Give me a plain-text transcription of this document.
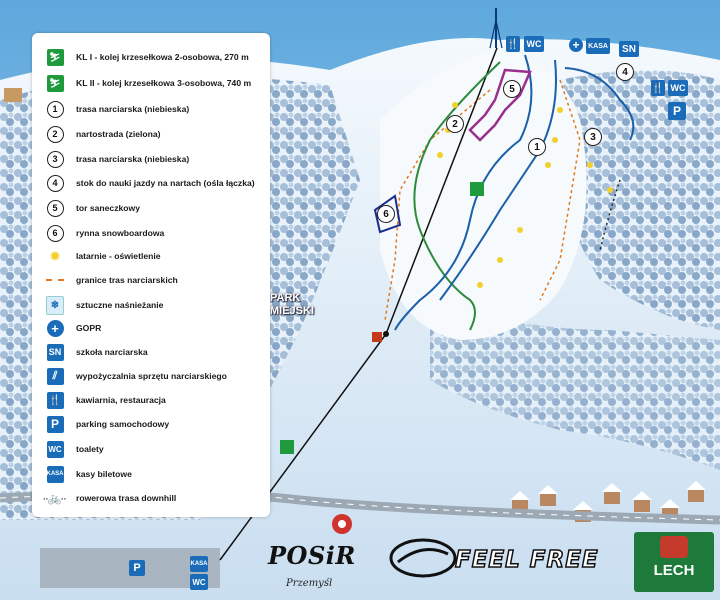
🍴 WC	+	KASA	SN
🍴 WC
P
P	KASA
WC
2
1
3
4
5
6
PARK
MIEJSKI
⛷	KL I - kolej krzesełkowa 2-osobowa, 270 m
⛷	KL II - kolej krzesełkowa 3-osobowa, 740 m
1	trasa narciarska (niebieska)
2	nartostrada (zielona)
3	trasa narciarska (niebieska)
4	stok do nauki jazdy na nartach (ośla łączka)
5	tor saneczkowy
6	rynna snowboardowa
✹ latarnie - oświetlenie
granice tras narciarskich
❄	sztuczne naśnieżanie
+	GOPR
SN szkoła narciarska
⫽	wypożyczalnia sprzętu narciarskiego
🍴 kawiarnia, restauracja
P	parking samochodowy
WC toalety
KASA kasy biletowe
··🚲·· rowerowa trasa downhill
POSiR
Przemyśl
FEEL FREE	LECH
